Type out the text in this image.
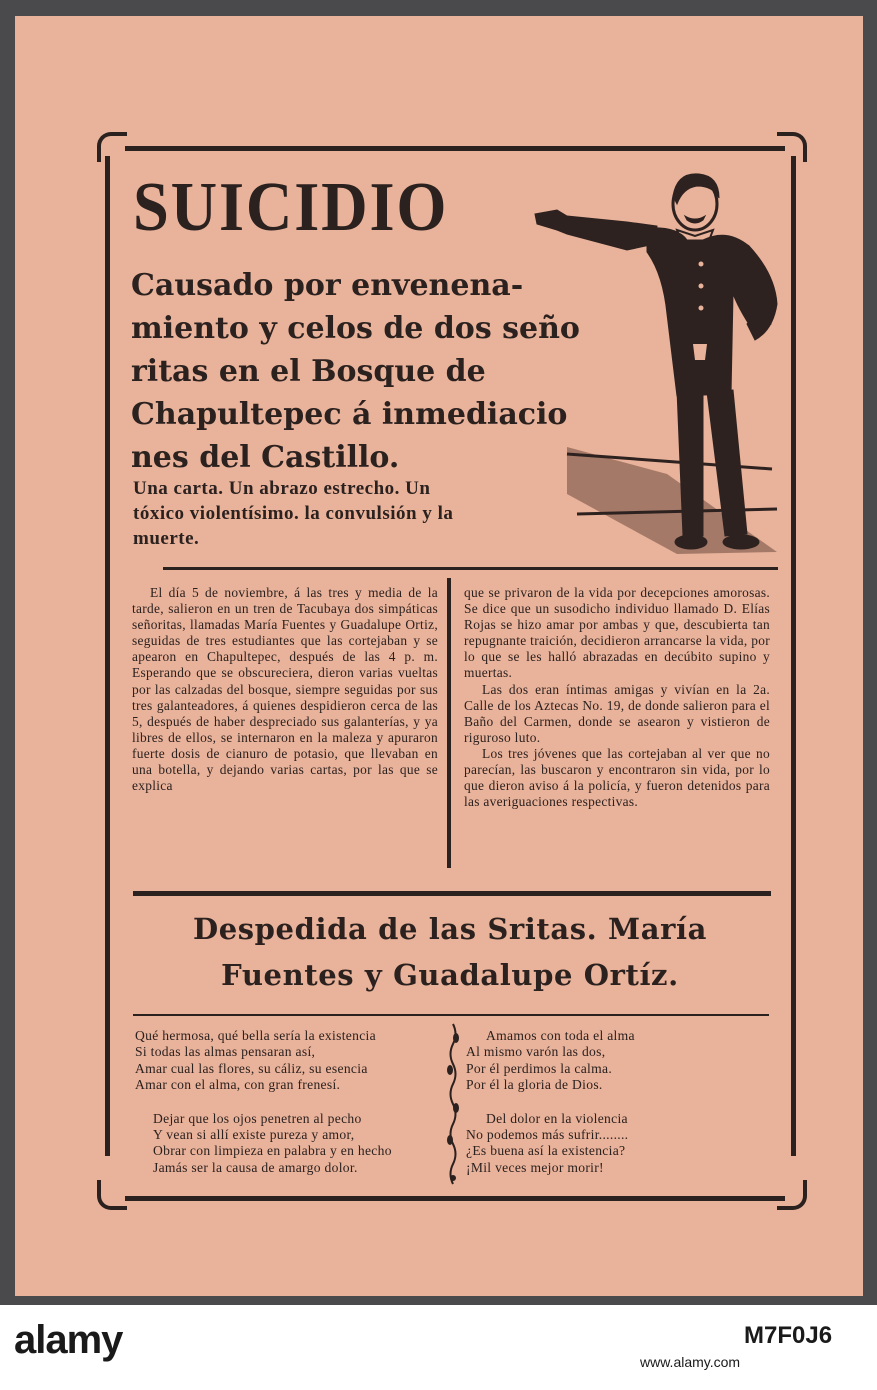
SUICIDIO
Causado por envenena-
miento y celos de dos seño
ritas en el Bosque de
Chapultepec á inmediacio
nes del Castillo.

Una carta. Un abrazo estrecho. Un
tóxico violentísimo. la convulsión y la
muerte.

El día 5 de noviembre, á las tres y media de la tarde, salieron en un tren de Tacubaya dos simpáticas señoritas, llamadas María Fuentes y Guadalupe Ortiz, seguidas de tres estudiantes que las cortejaban y se apearon en Chapultepec, después de las 4 p. m. Esperando que se obscureciera, dieron varias vueltas por las calzadas del bosque, siempre seguidas por sus tres galanteadores, á quienes despidieron cerca de las 5, después de haber despreciado sus galanterías, y ya libres de ellos, se internaron en la maleza y apuraron fuerte dosis de cianuro de potasio, que llevaban en una botella, y dejando varias cartas, por las que se explica

que se privaron de la vida por decepciones amorosas. Se dice que un susodicho individuo llamado D. Elías Rojas se hizo amar por ambas y que, descubierta tan repugnante traición, decidieron arrancarse la vida, por lo que se les halló abrazadas en decúbito supino y muertas.

Las dos eran íntimas amigas y vivían en la 2a. Calle de los Aztecas No. 19, de donde salieron para el Baño del Carmen, donde se asearon y vistieron de riguroso luto.

Los tres jóvenes que las cortejaban al ver que no parecían, las buscaron y encontraron sin vida, por lo que dieron aviso á la policía, y fueron detenidos para las averiguaciones respectivas.

Despedida de las Sritas. María
Fuentes y Guadalupe Ortíz.
Qué hermosa, qué bella sería la existencia
Si todas las almas pensaran así,
Amar cual las flores, su cáliz, su esencia
Amar con el alma, con gran frenesí.
Dejar que los ojos penetren al pecho
Y vean si allí existe pureza y amor,
Obrar con limpieza en palabra y en hecho
Jamás ser la causa de amargo dolor.
Amamos con toda el alma
Al mismo varón las dos,
Por él perdimos la calma.
Por él la gloria de Dios.
Del dolor en la violencia
No podemos más sufrir........
¿Es buena así la existencia?
¡Mil veces mejor morir!
alamy	M7F0J6
www.alamy.com
